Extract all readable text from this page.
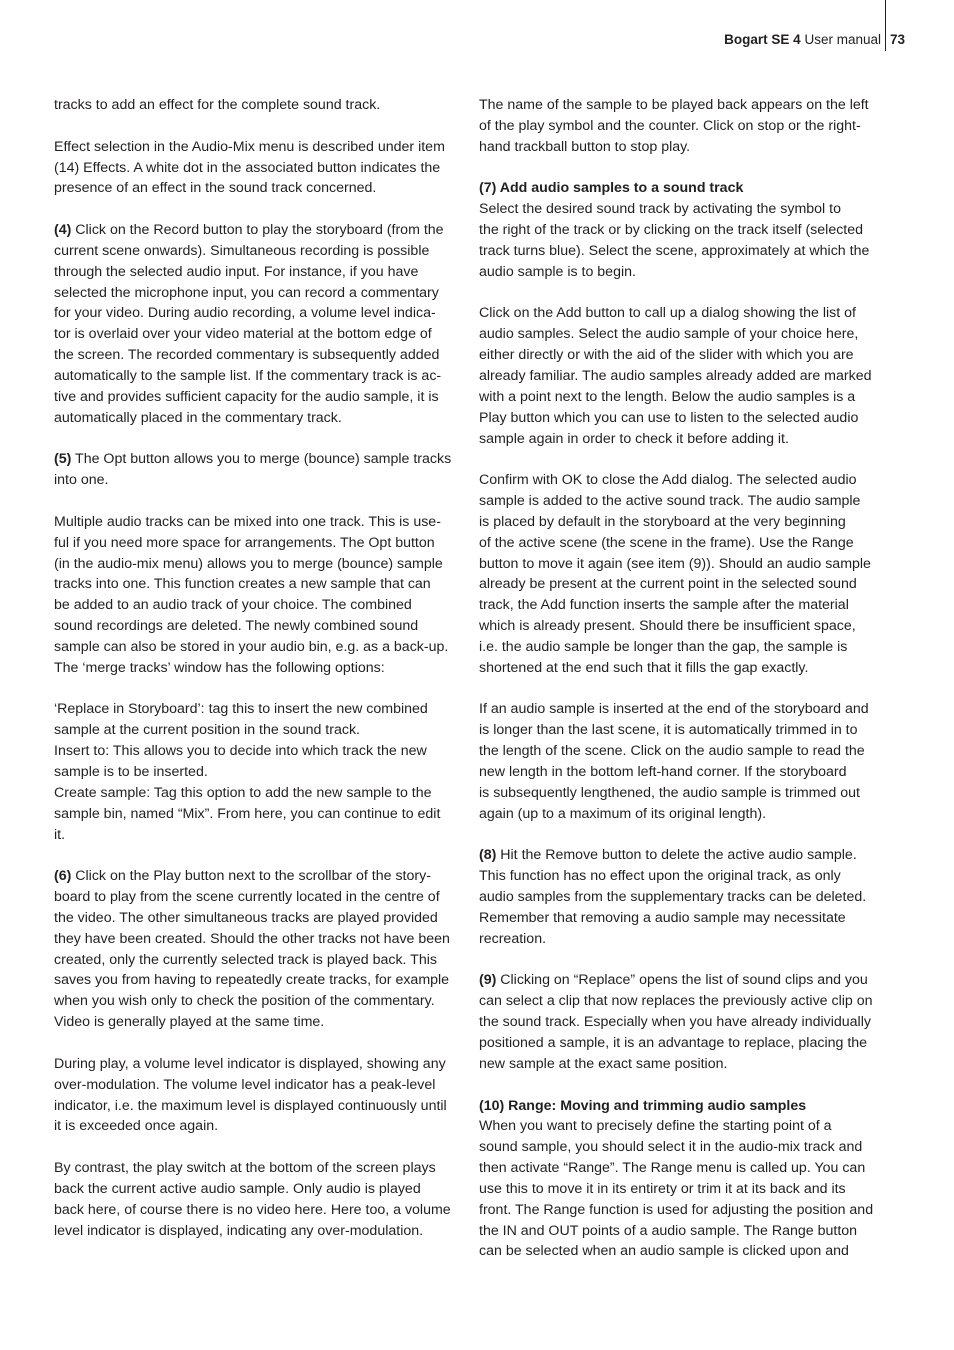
Bogart SE 4 User manual 73

tracks to add an effect for the complete sound track.

Effect selection in the Audio-Mix menu is described under item
(14) Effects. A white dot in the associated button indicates the
presence of an effect in the sound track concerned.

(4) Click on the Record button to play the storyboard (from the
current scene onwards). Simultaneous recording is possible
through the selected audio input. For instance, if you have
selected the microphone input, you can record a commentary
for your video. During audio recording, a volume level indica-
tor is overlaid over your video material at the bottom edge of
the screen. The recorded commentary is subsequently added
automatically to the sample list. If the commentary track is ac-
tive and provides sufficient capacity for the audio sample, it is
automatically placed in the commentary track.

(5) The Opt button allows you to merge (bounce) sample tracks
into one.

Multiple audio tracks can be mixed into one track. This is use-
ful if you need more space for arrangements. The Opt button
(in the audio-mix menu) allows you to merge (bounce) sample
tracks into one. This function creates a new sample that can
be added to an audio track of your choice. The combined
sound recordings are deleted. The newly combined sound
sample can also be stored in your audio bin, e.g. as a back-up.
The ‘merge tracks’ window has the following options:

‘Replace in Storyboard’: tag this to insert the new combined
sample at the current position in the sound track.

Insert to: This allows you to decide into which track the new
sample is to be inserted.

Create sample: Tag this option to add the new sample to the
sample bin, named “Mix”. From here, you can continue to edit
it.

(6) Click on the Play button next to the scrollbar of the story-
board to play from the scene currently located in the centre of
the video. The other simultaneous tracks are played provided
they have been created. Should the other tracks not have been
created, only the currently selected track is played back. This
saves you from having to repeatedly create tracks, for example
when you wish only to check the position of the commentary.
Video is generally played at the same time.

During play, a volume level indicator is displayed, showing any
over-modulation. The volume level indicator has a peak-level
indicator, i.e. the maximum level is displayed continuously until
it is exceeded once again.

By contrast, the play switch at the bottom of the screen plays
back the current active audio sample. Only audio is played
back here, of course there is no video here. Here too, a volume
level indicator is displayed, indicating any over-modulation.

The name of the sample to be played back appears on the left
of the play symbol and the counter. Click on stop or the right-
hand trackball button to stop play.

(7) Add audio samples to a sound track
Select the desired sound track by activating the symbol to
the right of the track or by clicking on the track itself (selected
track turns blue). Select the scene, approximately at which the
audio sample is to begin.

Click on the Add button to call up a dialog showing the list of
audio samples. Select the audio sample of your choice here,
either directly or with the aid of the slider with which you are
already familiar. The audio samples already added are marked
with a point next to the length. Below the audio samples is a
Play button which you can use to listen to the selected audio
sample again in order to check it before adding it.

Confirm with OK to close the Add dialog. The selected audio
sample is added to the active sound track. The audio sample
is placed by default in the storyboard at the very beginning
of the active scene (the scene in the frame). Use the Range
button to move it again (see item (9)). Should an audio sample
already be present at the current point in the selected sound
track, the Add function inserts the sample after the material
which is already present. Should there be insufficient space,
i.e. the audio sample be longer than the gap, the sample is
shortened at the end such that it fills the gap exactly.

If an audio sample is inserted at the end of the storyboard and
is longer than the last scene, it is automatically trimmed in to
the length of the scene. Click on the audio sample to read the
new length in the bottom left-hand corner. If the storyboard
is subsequently lengthened, the audio sample is trimmed out
again (up to a maximum of its original length).

(8) Hit the Remove button to delete the active audio sample.
This function has no effect upon the original track, as only
audio samples from the supplementary tracks can be deleted.
Remember that removing a audio sample may necessitate
recreation.

(9) Clicking on “Replace” opens the list of sound clips and you
can select a clip that now replaces the previously active clip on
the sound track. Especially when you have already individually
positioned a sample, it is an advantage to replace, placing the
new sample at the exact same position.

(10) Range: Moving and trimming audio samples
When you want to precisely define the starting point of a
sound sample, you should select it in the audio-mix track and
then activate “Range”. The Range menu is called up. You can
use this to move it in its entirety or trim it at its back and its
front. The Range function is used for adjusting the position and
the IN and OUT points of a audio sample. The Range button
can be selected when an audio sample is clicked upon and
